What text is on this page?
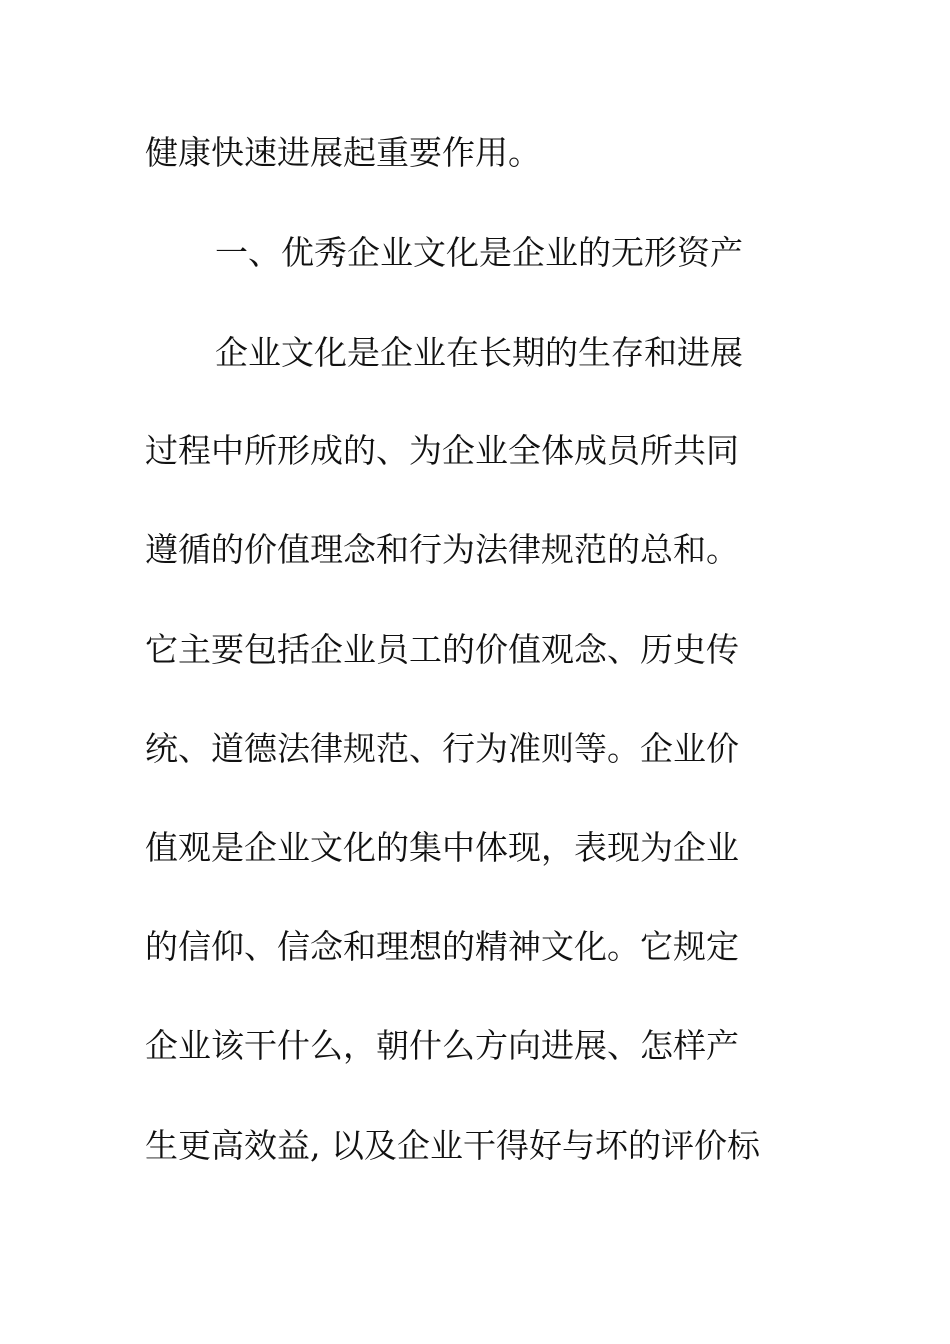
健康快速进展起重要作用。
一、优秀企业文化是企业的无形资产
企业文化是企业在长期的生存和进展
过程中所形成的、为企业全体成员所共同
遵循的价值理念和行为法律规范的总和。
它主要包括企业员工的价值观念、历史传
统、道德法律规范、行为准则等。企业价
值观是企业文化的集中体现，表现为企业
的信仰、信念和理想的精神文化。它规定
企业该干什么，朝什么方向进展、怎样产
生更高效益, 以及企业干得好与坏的评价标
